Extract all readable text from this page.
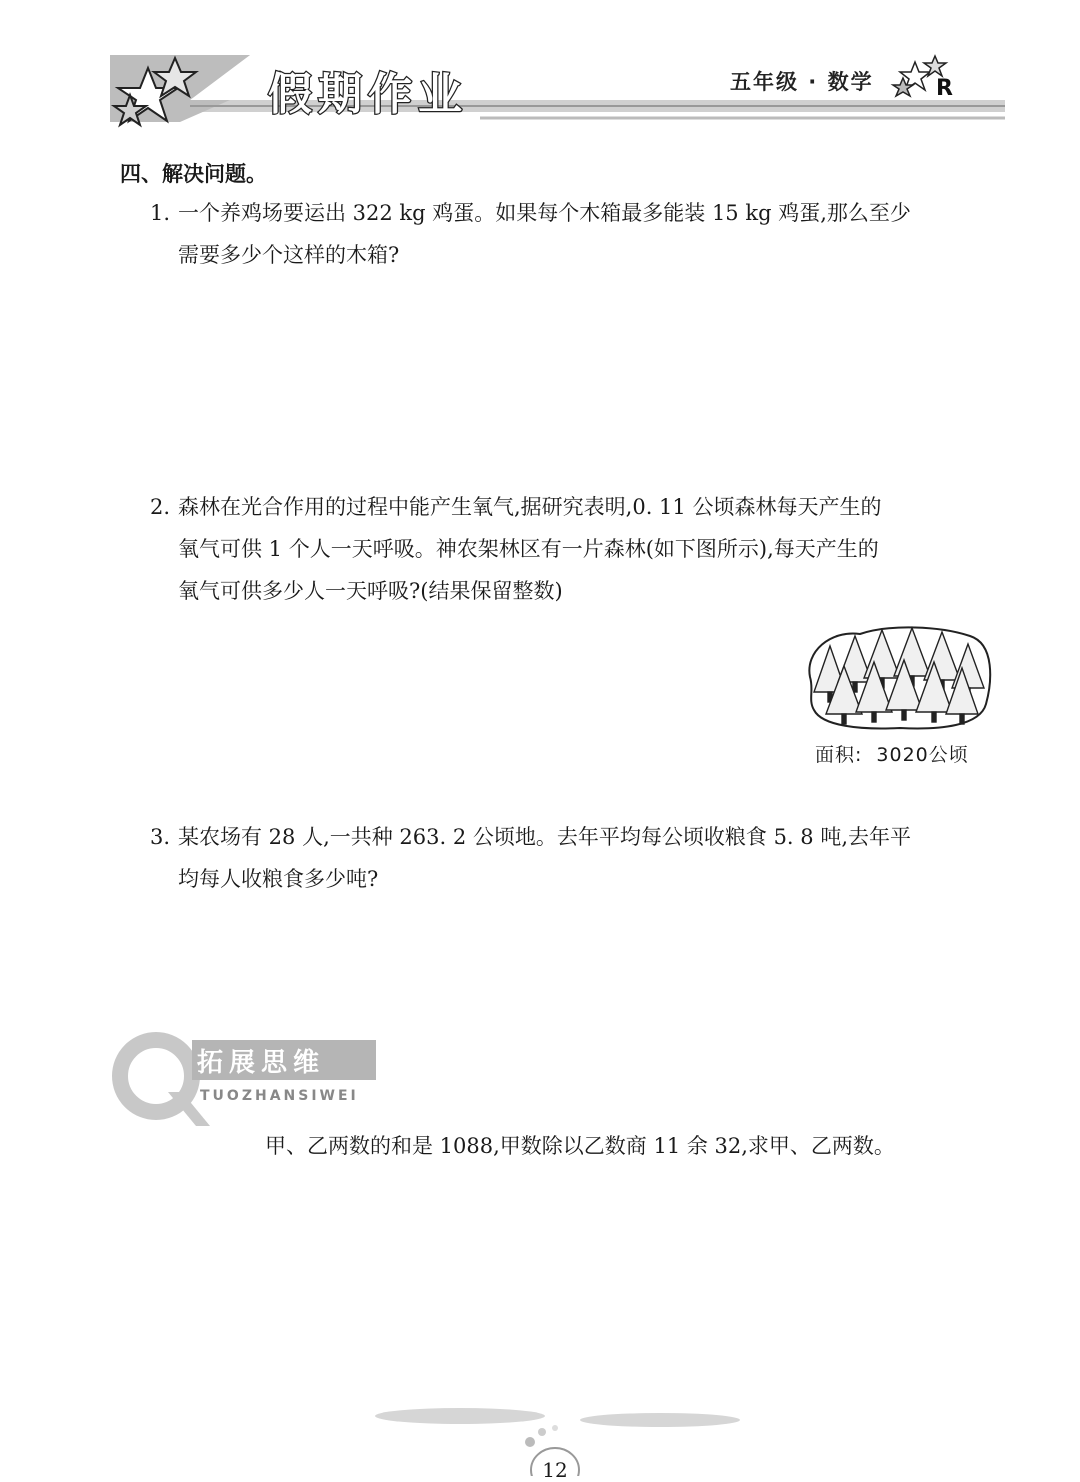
假期作业	五年级 · 数学	R
四、解决问题。
1. 一个养鸡场要运出 322 kg 鸡蛋。如果每个木箱最多能装 15 kg 鸡蛋,那么至少
需要多少个这样的木箱?
2. 森林在光合作用的过程中能产生氧气,据研究表明,0. 11 公顷森林每天产生的
氧气可供 1 个人一天呼吸。神农架林区有一片森林(如下图所示),每天产生的
氧气可供多少人一天呼吸?(结果保留整数)
面积: 3020公顷
3. 某农场有 28 人,一共种 263. 2 公顷地。去年平均每公顷收粮食 5. 8 吨,去年平
均每人收粮食多少吨?
拓展思维
TUOZHANSIWEI
甲、乙两数的和是 1088,甲数除以乙数商 11 余 32,求甲、乙两数。
12
